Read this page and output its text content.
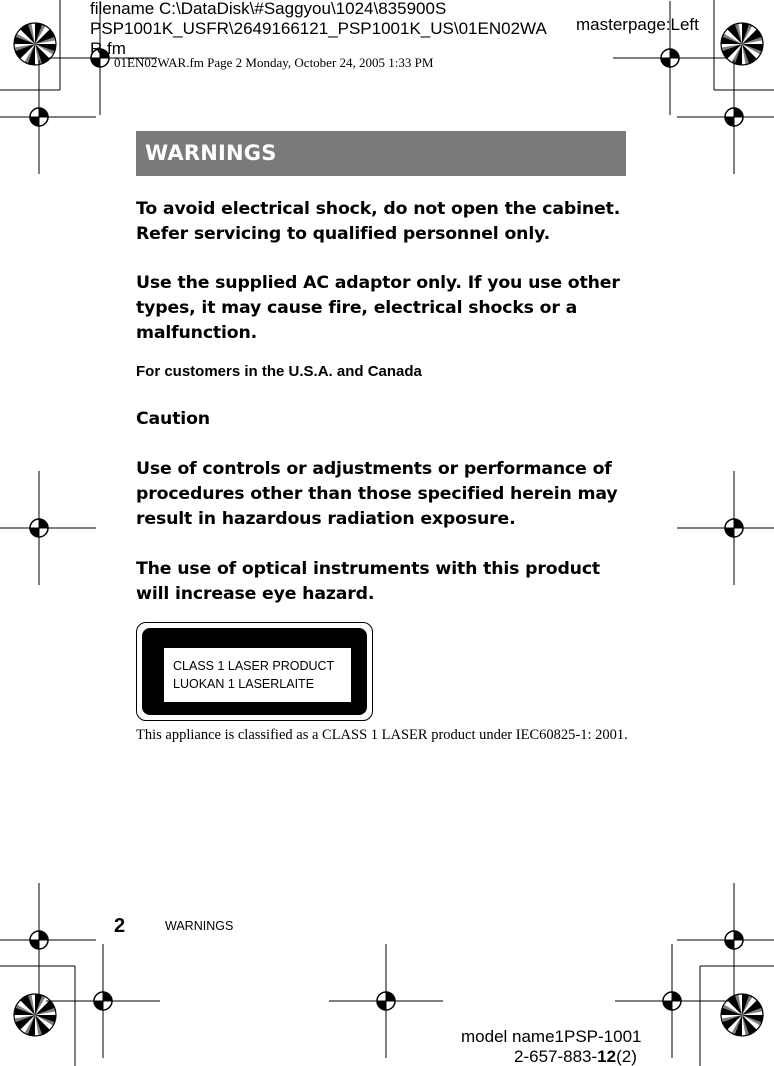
filename C:\DataDisk\#Saggyou\1024\835900S
PSP1001K_USFR\2649166121_PSP1001K_US\01EN02WA
R.fm
masterpage:Left
01EN02WAR.fm Page 2 Monday, October 24, 2005 1:33 PM
WARNINGS
To avoid electrical shock, do not open the cabinet. Refer servicing to qualified personnel only.
Use the supplied AC adaptor only. If you use other types, it may cause fire, electrical shocks or a malfunction.
For customers in the U.S.A. and Canada
Caution
Use of controls or adjustments or performance of procedures other than those specified herein may result in hazardous radiation exposure.
The use of optical instruments with this product will increase eye hazard.
CLASS 1 LASER PRODUCT
LUOKAN 1 LASERLAITE
This appliance is classified as a CLASS 1 LASER product under IEC60825-1: 2001.
2	WARNINGS
model name1PSP-1001
2-657-883-12(2)
